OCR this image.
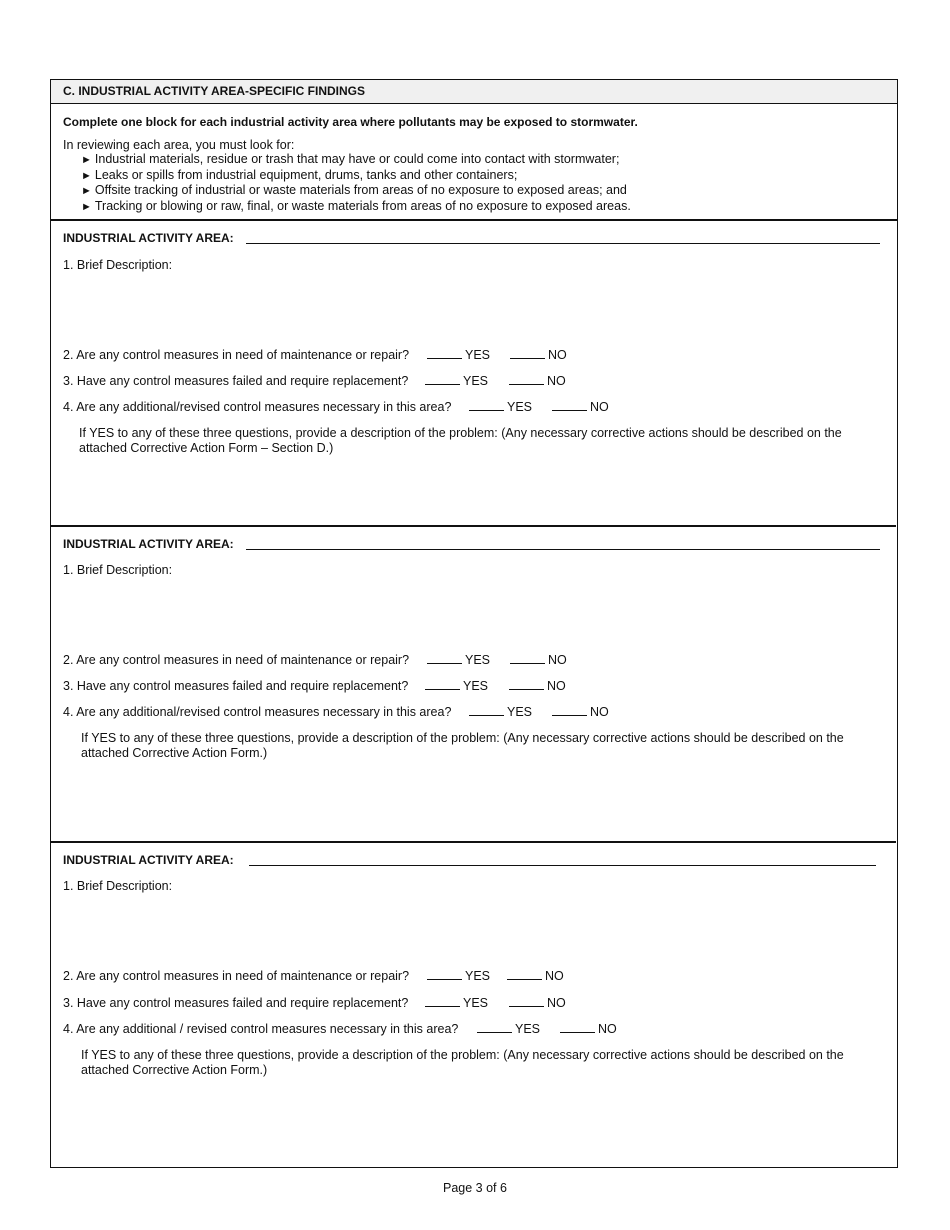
C. INDUSTRIAL ACTIVITY AREA-SPECIFIC FINDINGS
Complete one block for each industrial activity area where pollutants may be exposed to stormwater.
In reviewing each area, you must look for:
► Industrial materials, residue or trash that may have or could come into contact with stormwater;
► Leaks or spills from industrial equipment, drums, tanks and other containers;
► Offsite tracking of industrial or waste materials from areas of no exposure to exposed areas; and
► Tracking or blowing or raw, final, or waste materials from areas of no exposure to exposed areas.
INDUSTRIAL ACTIVITY AREA:
1. Brief Description:
2. Are any control measures in need of maintenance or repair?	YES	NO
3. Have any control measures failed and require replacement?	YES	NO
4. Are any additional/revised control measures necessary in this area?	YES	NO
If YES to any of these three questions, provide a description of the problem: (Any necessary corrective actions should be described on the attached Corrective Action Form – Section D.)
INDUSTRIAL ACTIVITY AREA:
1. Brief Description:
2. Are any control measures in need of maintenance or repair?	YES	NO
3. Have any control measures failed and require replacement?	YES	NO
4. Are any additional/revised control measures necessary in this area?	YES	NO
If YES to any of these three questions, provide a description of the problem: (Any necessary corrective actions should be described on the attached Corrective Action Form.)
INDUSTRIAL ACTIVITY AREA:
1. Brief Description:
2. Are any control measures in need of maintenance or repair?	YES	NO
3. Have any control measures failed and require replacement?	YES	NO
4. Are any additional / revised control measures necessary in this area?	YES	NO
If YES to any of these three questions, provide a description of the problem: (Any necessary corrective actions should be described on the attached Corrective Action Form.)
Page 3 of 6
